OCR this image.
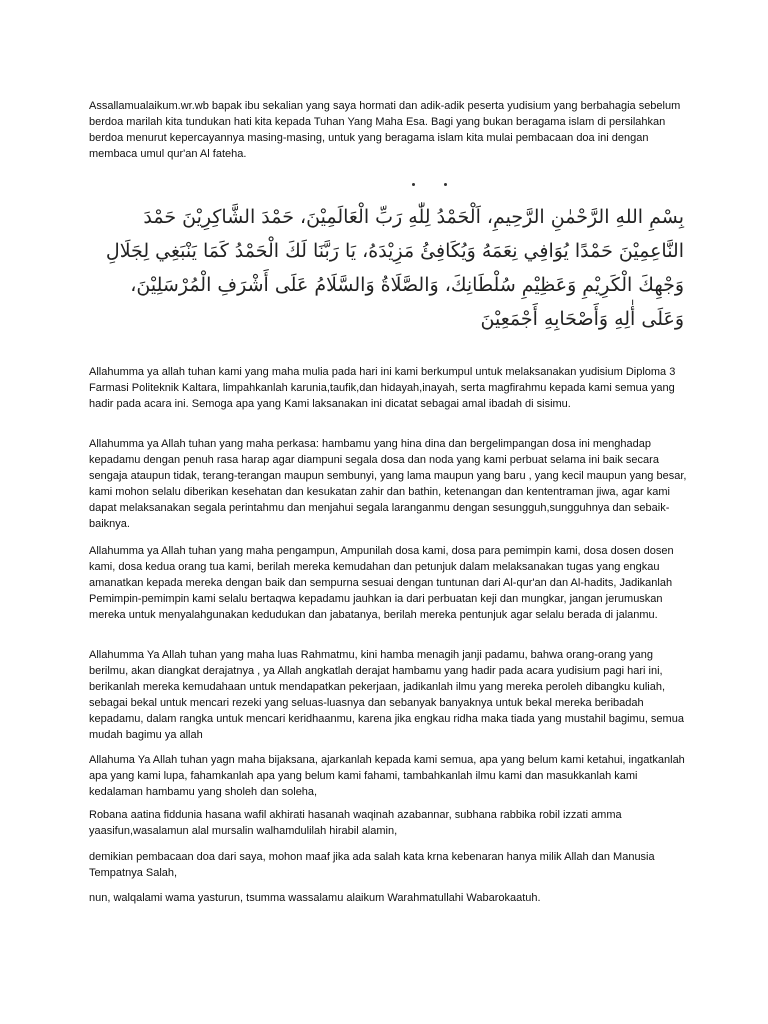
Assallamualaikum.wr.wb bapak ibu sekalian yang saya hormati dan adik-adik peserta yudisium yang berbahagia sebelum berdoa marilah kita tundukan hati kita kepada Tuhan Yang Maha Esa. Bagi yang bukan beragama islam di persilahkan berdoa menurut kepercayannya masing-masing, untuk yang beragama islam kita mulai pembacaan doa ini dengan membaca umul qur'an Al fateha.

بِسْمِ اللهِ الرَّحْمٰنِ الرَّحِيمِ، اَلْحَمْدُ لِلّٰهِ رَبِّ الْعَالَمِيْنَ، حَمْدَ الشَّاكِرِيْنَ حَمْدَ النَّاعِمِيْنَ حَمْدًا يُوَافِي نِعَمَهُ وَيُكَافِئُ مَزِيْدَهُ، يَا رَبَّنَا لَكَ الْحَمْدُ كَمَا يَنْبَغِي لِجَلَالِ وَجْهِكَ الْكَرِيْمِ وَعَظِيْمِ سُلْطَانِكَ، وَالصَّلَاةُ وَالسَّلَامُ عَلَى أَشْرَفِ الْمُرْسَلِيْنَ، وَعَلَى أٰلِهِ وَأَصْحَابِهِ أَجْمَعِيْنَ

Allahumma ya allah tuhan kami yang maha mulia pada hari ini kami berkumpul untuk melaksanakan yudisium Diploma 3 Farmasi Politeknik Kaltara, limpahkanlah karunia,taufik,dan hidayah,inayah, serta magfirahmu kepada kami semua yang hadir pada acara ini. Semoga apa yang Kami laksanakan ini dicatat sebagai amal ibadah di sisimu.

Allahumma ya Allah tuhan yang maha perkasa: hambamu yang hina dina dan bergelimpangan dosa ini menghadap kepadamu dengan penuh rasa harap agar diampuni segala dosa dan noda yang kami perbuat selama ini baik secara sengaja ataupun tidak, terang-terangan maupun sembunyi, yang lama maupun yang baru , yang kecil maupun yang besar, kami mohon selalu diberikan kesehatan dan kesukatan zahir dan bathin, ketenangan dan kententraman jiwa, agar kami dapat melaksanakan segala perintahmu dan menjahui segala laranganmu dengan sesungguh,sungguhnya dan sebaik-baiknya.

Allahumma ya Allah tuhan yang maha pengampun, Ampunilah dosa kami, dosa para pemimpin kami, dosa dosen dosen kami, dosa kedua orang tua kami, berilah mereka kemudahan dan petunjuk dalam melaksanakan tugas yang engkau amanatkan kepada mereka dengan baik dan sempurna sesuai dengan tuntunan dari Al-qur'an dan Al-hadits, Jadikanlah Pemimpin-pemimpin kami selalu bertaqwa kepadamu jauhkan ia dari perbuatan keji dan mungkar, jangan jerumuskan mereka untuk menyalahgunakan kedudukan dan jabatanya, berilah mereka pentunjuk agar selalu berada di jalanmu.

Allahumma Ya Allah tuhan yang maha luas Rahmatmu, kini hamba menagih janji padamu, bahwa orang-orang yang berilmu, akan diangkat derajatnya , ya Allah angkatlah derajat hambamu yang hadir pada acara yudisium pagi hari ini, berikanlah mereka kemudahaan untuk mendapatkan pekerjaan, jadikanlah ilmu yang mereka peroleh dibangku kuliah, sebagai bekal untuk mencari rezeki yang seluas-luasnya dan sebanyak banyaknya untuk bekal mereka beribadah kepadamu, dalam rangka untuk mencari keridhaanmu, karena jika engkau ridha maka tiada yang mustahil bagimu, semua mudah bagimu ya allah

Allahuma Ya Allah tuhan yagn maha bijaksana, ajarkanlah kepada kami semua, apa yang belum kami ketahui, ingatkanlah apa yang kami lupa, fahamkanlah apa yang belum kami fahami, tambahkanlah ilmu kami dan masukkanlah kami kedalaman hambamu yang sholeh dan soleha,

Robana aatina fiddunia hasana wafil akhirati hasanah waqinah azabannar, subhana rabbika robil izzati amma yaasifun,wasalamun alal mursalin walhamdulilah hirabil alamin,

demikian pembacaan doa dari saya, mohon maaf jika ada salah kata krna kebenaran hanya milik Allah dan Manusia Tempatnya Salah,

nun, walqalami wama yasturun, tsumma wassalamu alaikum Warahmatullahi Wabarokaatuh.
